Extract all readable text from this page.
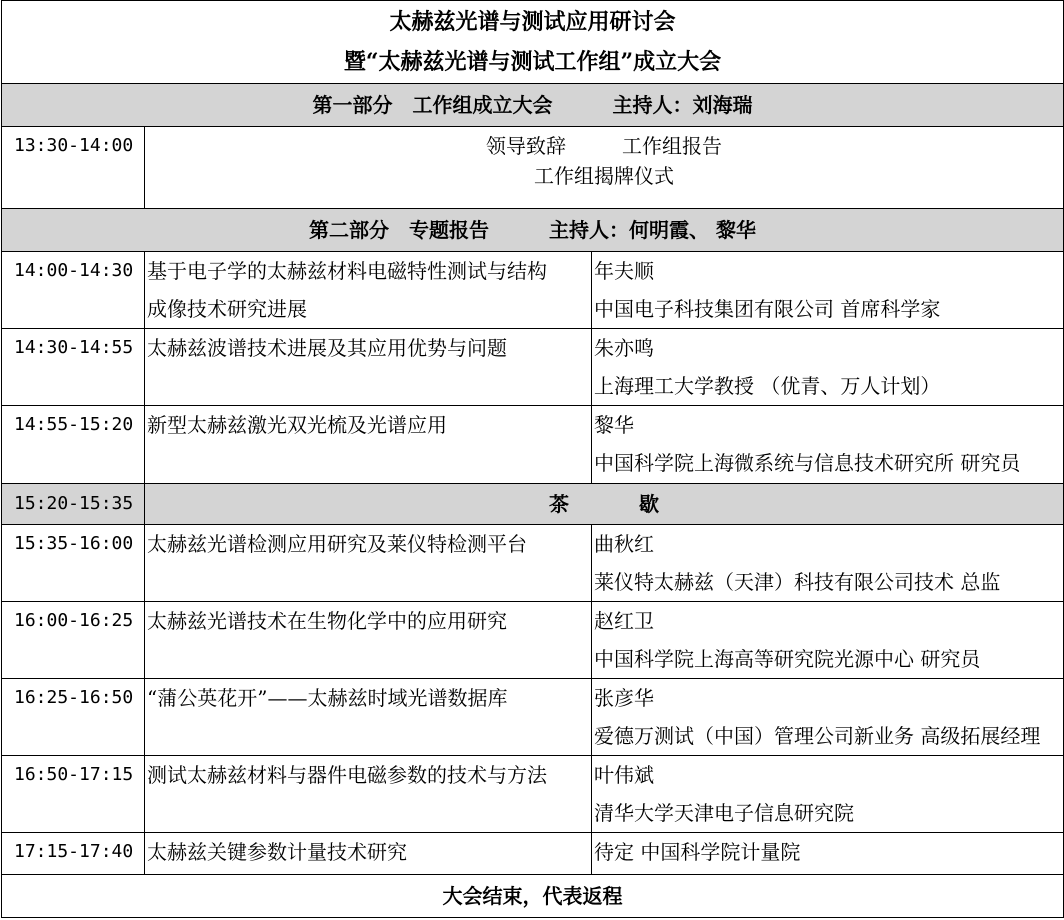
太赫兹光谱与测试应用研讨会
暨“太赫兹光谱与测试工作组”成立大会		

第一部分　工作组成立大会 主持人：刘海瑞		
13:30-14:00	领导致辞 工作组报告
工作组揭牌仪式	

第二部分　专题报告 主持人：何明霞、 黎华		
14:00-14:30	基于电子学的太赫兹材料电磁特性测试与结构
成像技术研究进展	年夫顺
中国电子科技集团有限公司 首席科学家

14:30-14:55	太赫兹波谱技术进展及其应用优势与问题	朱亦鸣
上海理工大学教授 （优青、万人计划）

14:55-15:20	新型太赫兹激光双光梳及光谱应用	黎华
中国科学院上海微系统与信息技术研究所 研究员

15:20-15:35	茶 歇	
15:35-16:00	太赫兹光谱检测应用研究及莱仪特检测平台	曲秋红
莱仪特太赫兹（天津）科技有限公司技术 总监

16:00-16:25	太赫兹光谱技术在生物化学中的应用研究	赵红卫
中国科学院上海高等研究院光源中心 研究员

16:25-16:50	“蒲公英花开”——太赫兹时域光谱数据库	张彦华
爱德万测试（中国）管理公司新业务 高级拓展经理

16:50-17:15	测试太赫兹材料与器件电磁参数的技术与方法	叶伟斌
清华大学天津电子信息研究院

17:15-17:40	太赫兹关键参数计量技术研究	待定 中国科学院计量院

大会结束，代表返程		
